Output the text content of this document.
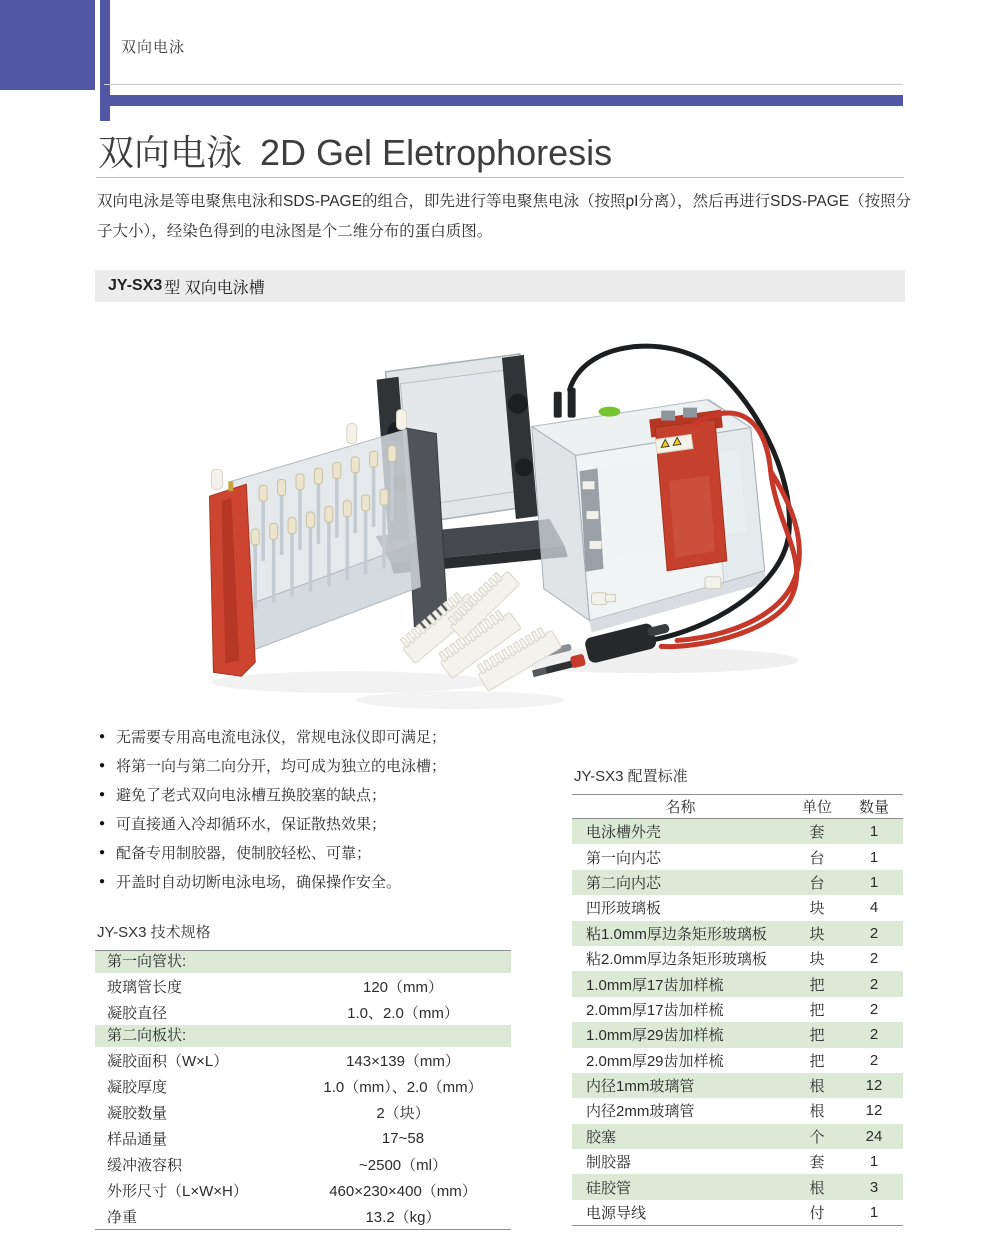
双向电泳
双向电泳 2D Gel Eletrophoresis
双向电泳是等电聚焦电泳和SDS-PAGE的组合，即先进行等电聚焦电泳（按照pI分离），然后再进行SDS-PAGE（按照分
子大小），经染色得到的电泳图是个二维分布的蛋白质图。
JY-SX3 型 双向电泳槽
● 无需要专用高电流电泳仪，常规电泳仪即可满足；
● 将第一向与第二向分开，均可成为独立的电泳槽；
● 避免了老式双向电泳槽互换胶塞的缺点；
● 可直接通入冷却循环水，保证散热效果；
● 配备专用制胶器，使制胶轻松、可靠；
● 开盖时自动切断电泳电场，确保操作安全。
JY-SX3 技术规格
第一向管状:
玻璃管长度	120（mm）
凝胶直径	1.0、2.0（mm）
第二向板状:
凝胶面积（W×L）	143×139（mm）
凝胶厚度	1.0（mm）、2.0（mm）
凝胶数量	2（块）
样品通量	17~58
缓冲液容积	~2500（ml）
外形尺寸（L×W×H）	460×230×400（mm）
净重	13.2（kg）
JY-SX3 配置标准
名称	单位	数量
电泳槽外壳	套	1
第一向内芯	台	1
第二向内芯	台	1
凹形玻璃板	块	4
粘1.0mm厚边条矩形玻璃板	块	2
粘2.0mm厚边条矩形玻璃板	块	2
1.0mm厚17齿加样梳	把	2
2.0mm厚17齿加样梳	把	2
1.0mm厚29齿加样梳	把	2
2.0mm厚29齿加样梳	把	2
内径1mm玻璃管	根	12
内径2mm玻璃管	根	12
胶塞	个	24
制胶器	套	1
硅胶管	根	3
电源导线	付	1
